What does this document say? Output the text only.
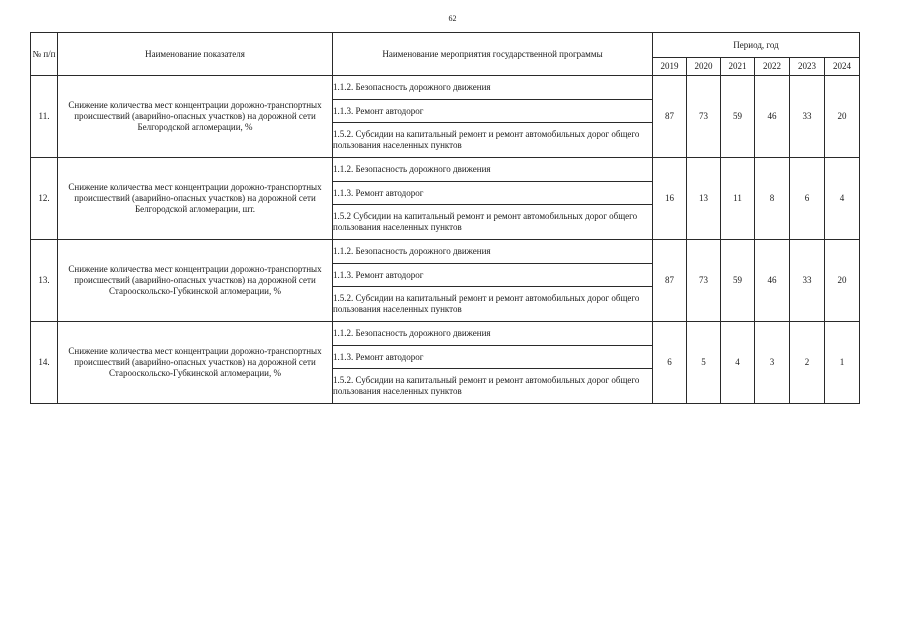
62
№ п/п	Наименование показателя	Наименование мероприятия государственной программы	Период, год					
			2019	2020	2021	2022	2023	2024
11.	Снижение количества мест концентрации дорожно-транспортных происшествий (аварийно-опасных участков) на дорожной сети Белгородской агломерации, %	1.1.2. Безопасность дорожного движения	87	73	59	46	33	20
		1.1.3. Ремонт автодорог						
		1.5.2. Субсидии на капитальный ремонт и ремонт автомобильных дорог общего пользования населенных пунктов						
12.	Снижение количества мест концентрации дорожно-транспортных происшествий (аварийно-опасных участков) на дорожной сети Белгородской агломерации, шт.	1.1.2. Безопасность дорожного движения	16	13	11	8	6	4
		1.1.3. Ремонт автодорог						
		1.5.2 Субсидии на капитальный ремонт и ремонт автомобильных дорог общего пользования населенных пунктов						
13.	Снижение количества мест концентрации дорожно-транспортных происшествий (аварийно-опасных участков) на дорожной сети Старооскольско-Губкинской агломерации, %	1.1.2. Безопасность дорожного движения	87	73	59	46	33	20
		1.1.3. Ремонт автодорог						
		1.5.2. Субсидии на капитальный ремонт и ремонт автомобильных дорог общего пользования населенных пунктов						
14.	Снижение количества мест концентрации дорожно-транспортных происшествий (аварийно-опасных участков) на дорожной сети Старооскольско-Губкинской агломерации, %	1.1.2. Безопасность дорожного движения	6	5	4	3	2	1
		1.1.3. Ремонт автодорог						
		1.5.2. Субсидии на капитальный ремонт и ремонт автомобильных дорог общего пользования населенных пунктов						
